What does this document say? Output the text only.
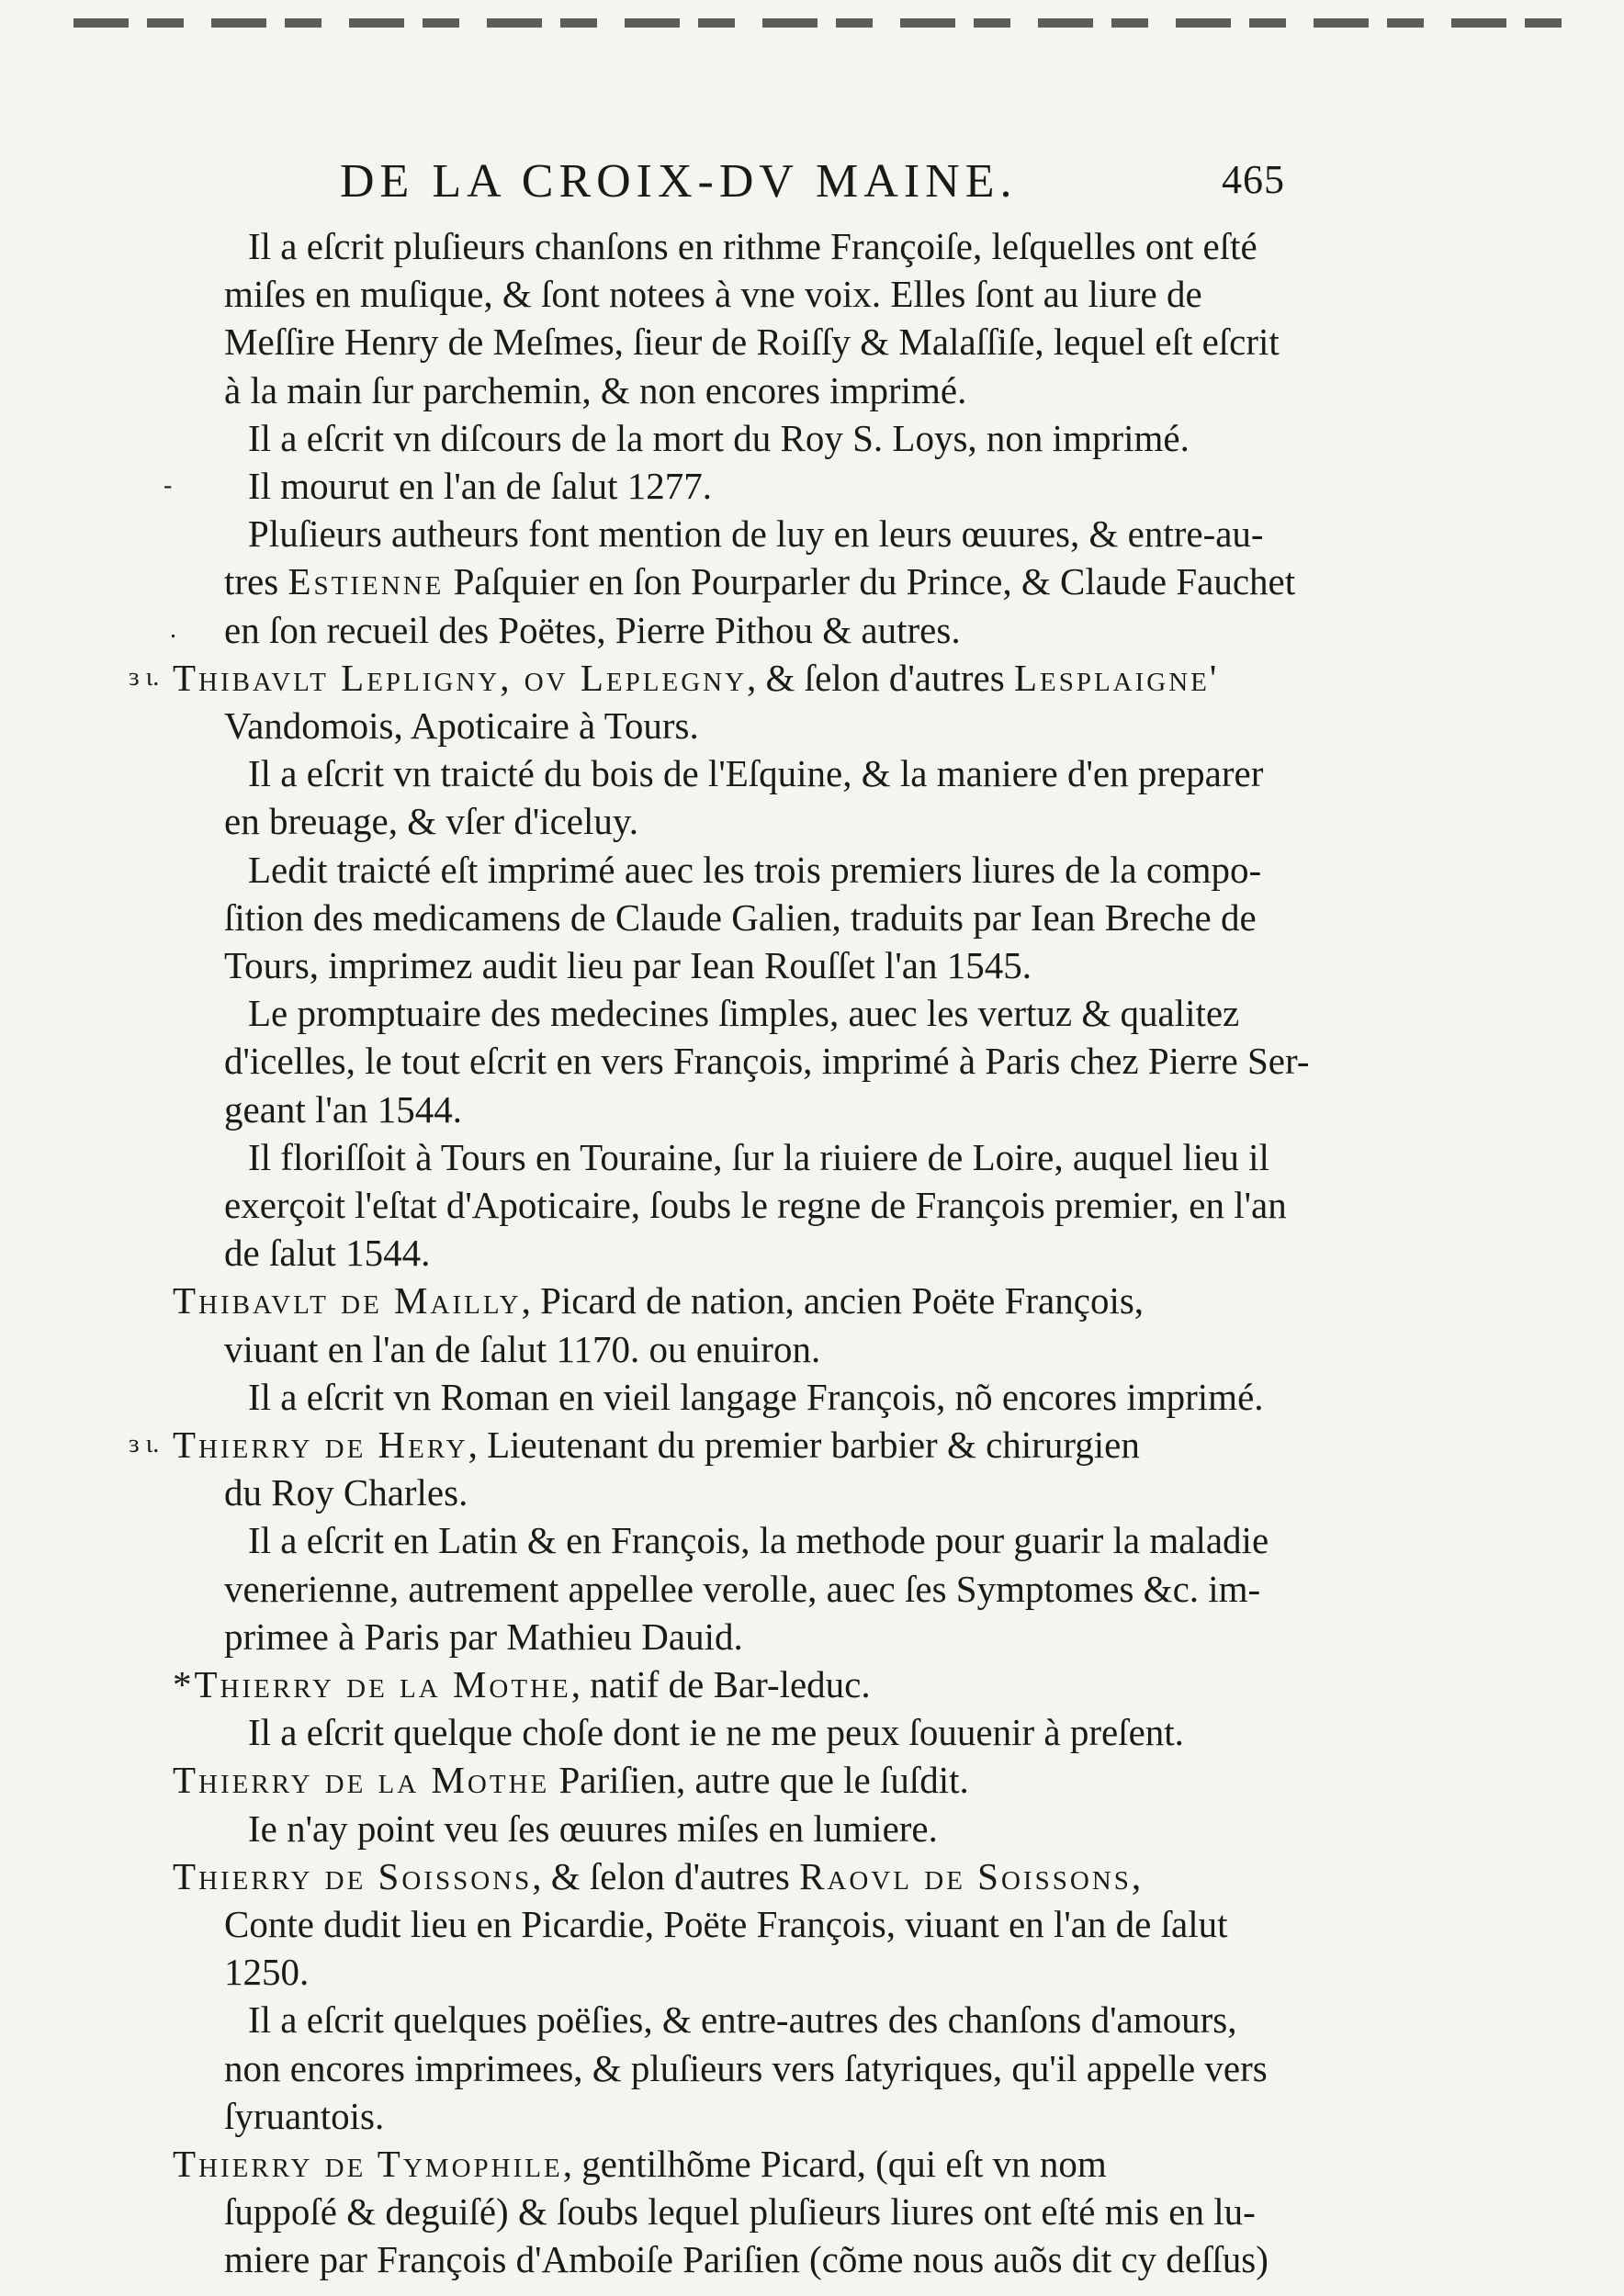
DE LA CROIX-DV MAINE.	465
Il a eſcrit pluſieurs chanſons en rithme Françoiſe, leſquelles ont eſté
miſes en muſique, & ſont notees à vne voix. Elles ſont au liure de
Meſſire Henry de Meſmes, ſieur de Roiſſy & Malaſſiſe, lequel eſt eſcrit
à la main ſur parchemin, & non encores imprimé.
Il a eſcrit vn diſcours de la mort du Roy S. Loys, non imprimé.
Il mourut en l'an de ſalut 1277.
Pluſieurs autheurs font mention de luy en leurs œuures, & entre-au-
tres Eſtienne Paſquier en ſon Pourparler du Prince, & Claude Fauchet
en ſon recueil des Poëtes, Pierre Pithou & autres.
Thibavlt Lepligny, ov Leplegny , & ſelon d'autres Lesplaigne'
Vandomois, Apoticaire à Tours.
Il a eſcrit vn traicté du bois de l'Eſquine, & la maniere d'en preparer
en breuage, & vſer d'iceluy.
Ledit traicté eſt imprimé auec les trois premiers liures de la compo-
ſition des medicamens de Claude Galien, traduits par Iean Breche de
Tours, imprimez audit lieu par Iean Rouſſet l'an 1545.
Le promptuaire des medecines ſimples, auec les vertuz & qualitez
d'icelles, le tout eſcrit en vers François, imprimé à Paris chez Pierre Ser-
geant l'an 1544.
Il floriſſoit à Tours en Touraine, ſur la riuiere de Loire, auquel lieu il
exerçoit l'eſtat d'Apoticaire, ſoubs le regne de François premier, en l'an
de ſalut 1544.
Thibavlt de Mailly , Picard de nation, ancien Poëte François,
viuant en l'an de ſalut 1170. ou enuiron.
Il a eſcrit vn Roman en vieil langage François, nõ encores imprimé.
Thierry de Hery , Lieutenant du premier barbier & chirurgien
du Roy Charles.
Il a eſcrit en Latin & en François, la methode pour guarir la maladie
venerienne, autrement appellee verolle, auec ſes Symptomes &c. im-
primee à Paris par Mathieu Dauid.
*Thierry de la Mothe , natif de Bar-leduc.
Il a eſcrit quelque choſe dont ie ne me peux ſouuenir à preſent.
Thierry de la Mothe Pariſien, autre que le ſuſdit.
Ie n'ay point veu ſes œuures miſes en lumiere.
Thierry de Soissons , & ſelon d'autres Raovl de Soissons ,
Conte dudit lieu en Picardie, Poëte François, viuant en l'an de ſalut
1250.
Il a eſcrit quelques poëſies, & entre-autres des chanſons d'amours,
non encores imprimees, & pluſieurs vers ſatyriques, qu'il appelle vers
ſyruantois.
Thierry de Tymophile , gentilhõme Picard, (qui eſt vn nom
ſuppoſé & deguiſé) & ſoubs lequel pluſieurs liures ont eſté mis en lu-
miere par François d'Amboiſe Pariſien (cõme nous auõs dit cy deſſus)
-
.
ɜ ɩ.
ɜ ɩ.
